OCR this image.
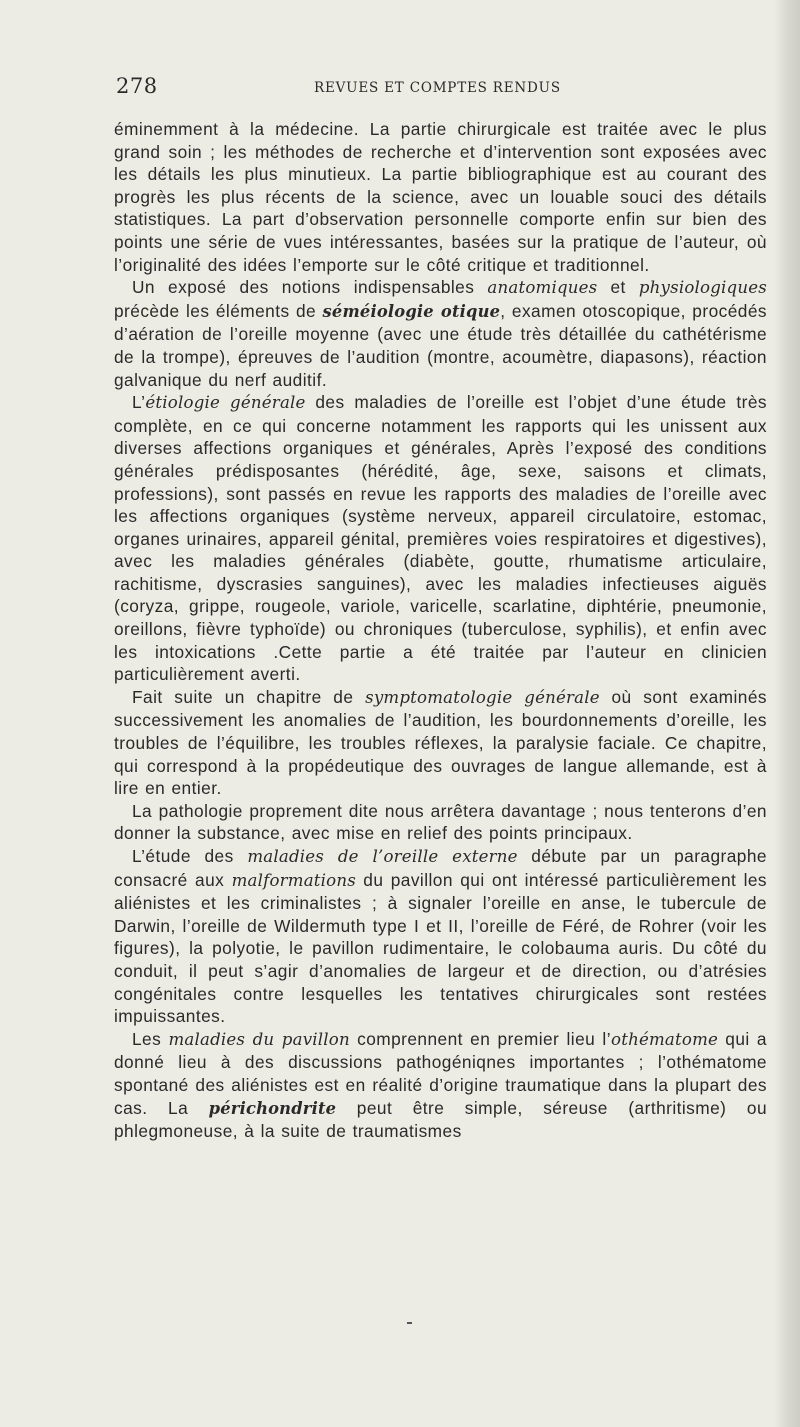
278	REVUES ET COMPTES RENDUS

éminemment à la médecine. La partie chirurgicale est traitée avec le plus grand soin ; les méthodes de recherche et d’intervention sont exposées avec les détails les plus minutieux. La partie bibliographique est au courant des progrès les plus récents de la science, avec un louable souci des détails statistiques. La part d’observation personnelle comporte enfin sur bien des points une série de vues intéressantes, basées sur la pratique de l’auteur, où l’originalité des idées l’emporte sur le côté critique et traditionnel.

Un exposé des notions indispensables anatomiques et physiologiques précède les éléments de séméiologie otique, examen otoscopique, procédés d’aération de l’oreille moyenne (avec une étude très détaillée du cathétérisme de la trompe), épreuves de l’audition (montre, acoumètre, diapasons), réaction galvanique du nerf auditif.

L’étiologie générale des maladies de l’oreille est l’objet d’une étude très complète, en ce qui concerne notamment les rapports qui les unissent aux diverses affections organiques et générales, Après l’exposé des conditions générales prédisposantes (hérédité, âge, sexe, saisons et climats, professions), sont passés en revue les rapports des maladies de l’oreille avec les affections organiques (système nerveux, appareil circulatoire, estomac, organes urinaires, appareil génital, premières voies respiratoires et digestives), avec les maladies générales (diabète, goutte, rhumatisme articulaire, rachitisme, dyscrasies sanguines), avec les maladies infectieuses aiguës (coryza, grippe, rougeole, variole, varicelle, scarlatine, diphtérie, pneumonie, oreillons, fièvre typhoïde) ou chroniques (tuberculose, syphilis), et enfin avec les intoxications .Cette partie a été traitée par l’auteur en clinicien particulièrement averti.

Fait suite un chapitre de symptomatologie générale où sont examinés successivement les anomalies de l’audition, les bourdonnements d’oreille, les troubles de l’équilibre, les troubles réflexes, la paralysie faciale. Ce chapitre, qui correspond à la propédeutique des ouvrages de langue allemande, est à lire en entier.

La pathologie proprement dite nous arrêtera davantage ; nous tenterons d’en donner la substance, avec mise en relief des points principaux.

L’étude des maladies de l’oreille externe débute par un paragraphe consacré aux malformations du pavillon qui ont intéressé particulièrement les aliénistes et les criminalistes ; à signaler l’oreille en anse, le tubercule de Darwin, l’oreille de Wildermuth type I et II, l’oreille de Féré, de Rohrer (voir les figures), la polyotie, le pavillon rudimentaire, le colobauma auris. Du côté du conduit, il peut s’agir d’anomalies de largeur et de direction, ou d’atrésies congénitales contre lesquelles les tentatives chirurgicales sont restées impuissantes.

Les maladies du pavillon comprennent en premier lieu l’othématome qui a donné lieu à des discussions pathogéniqnes importantes ; l’othématome spontané des aliénistes est en réalité d’origine traumatique dans la plupart des cas. La périchondrite peut être simple, séreuse (arthritisme) ou phlegmoneuse, à la suite de traumatismes
